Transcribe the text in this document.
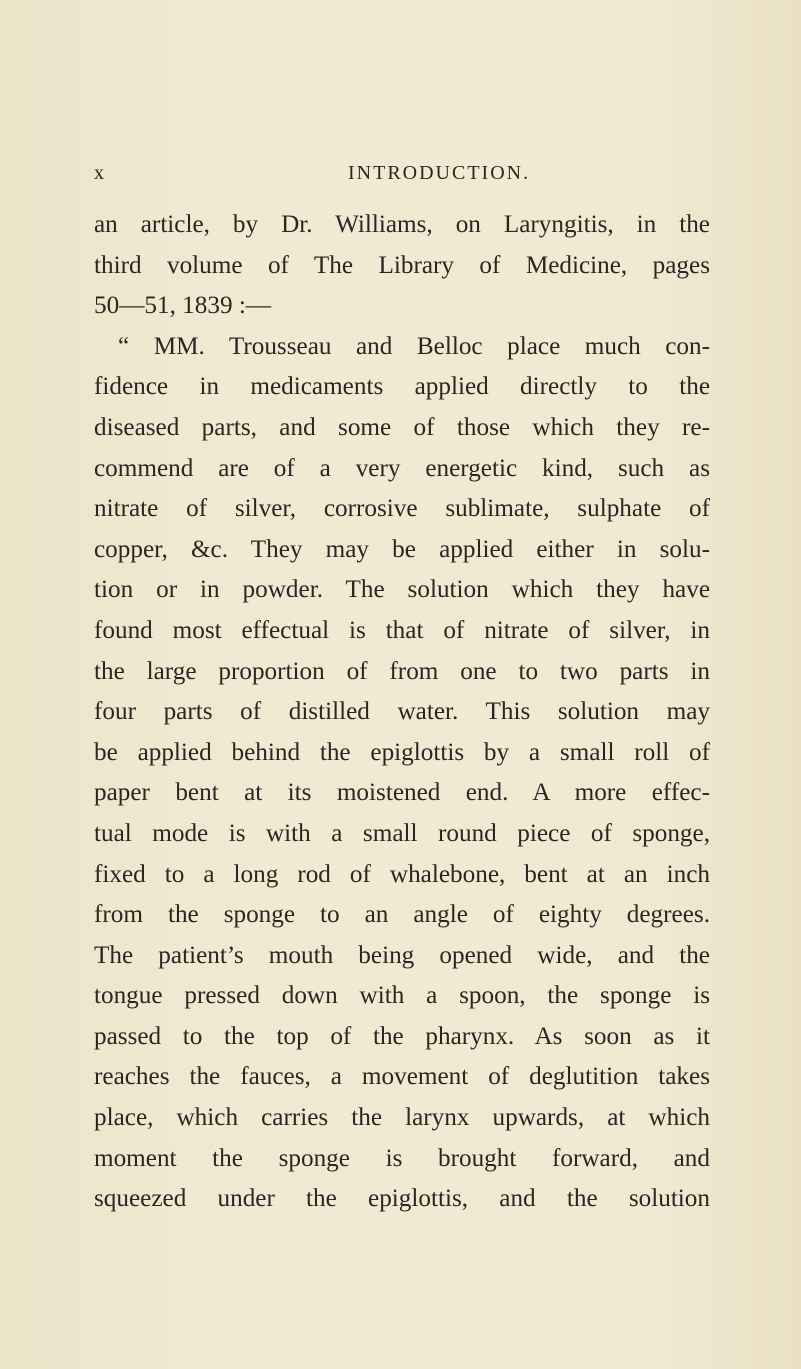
x	INTRODUCTION.
an article, by Dr. Williams, on Laryngitis, in the
third volume of The Library of Medicine, pages
50—51, 1839 :—
“ MM. Trousseau and Belloc place much con-
fidence in medicaments applied directly to the
diseased parts, and some of those which they re-
commend are of a very energetic kind, such as
nitrate of silver, corrosive sublimate, sulphate of
copper, &c. They may be applied either in solu-
tion or in powder. The solution which they have
found most effectual is that of nitrate of silver, in
the large proportion of from one to two parts in
four parts of distilled water. This solution may
be applied behind the epiglottis by a small roll of
paper bent at its moistened end. A more effec-
tual mode is with a small round piece of sponge,
fixed to a long rod of whalebone, bent at an inch
from the sponge to an angle of eighty degrees.
The patient’s mouth being opened wide, and the
tongue pressed down with a spoon, the sponge is
passed to the top of the pharynx. As soon as it
reaches the fauces, a movement of deglutition takes
place, which carries the larynx upwards, at which
moment the sponge is brought forward, and
squeezed under the epiglottis, and the solution
